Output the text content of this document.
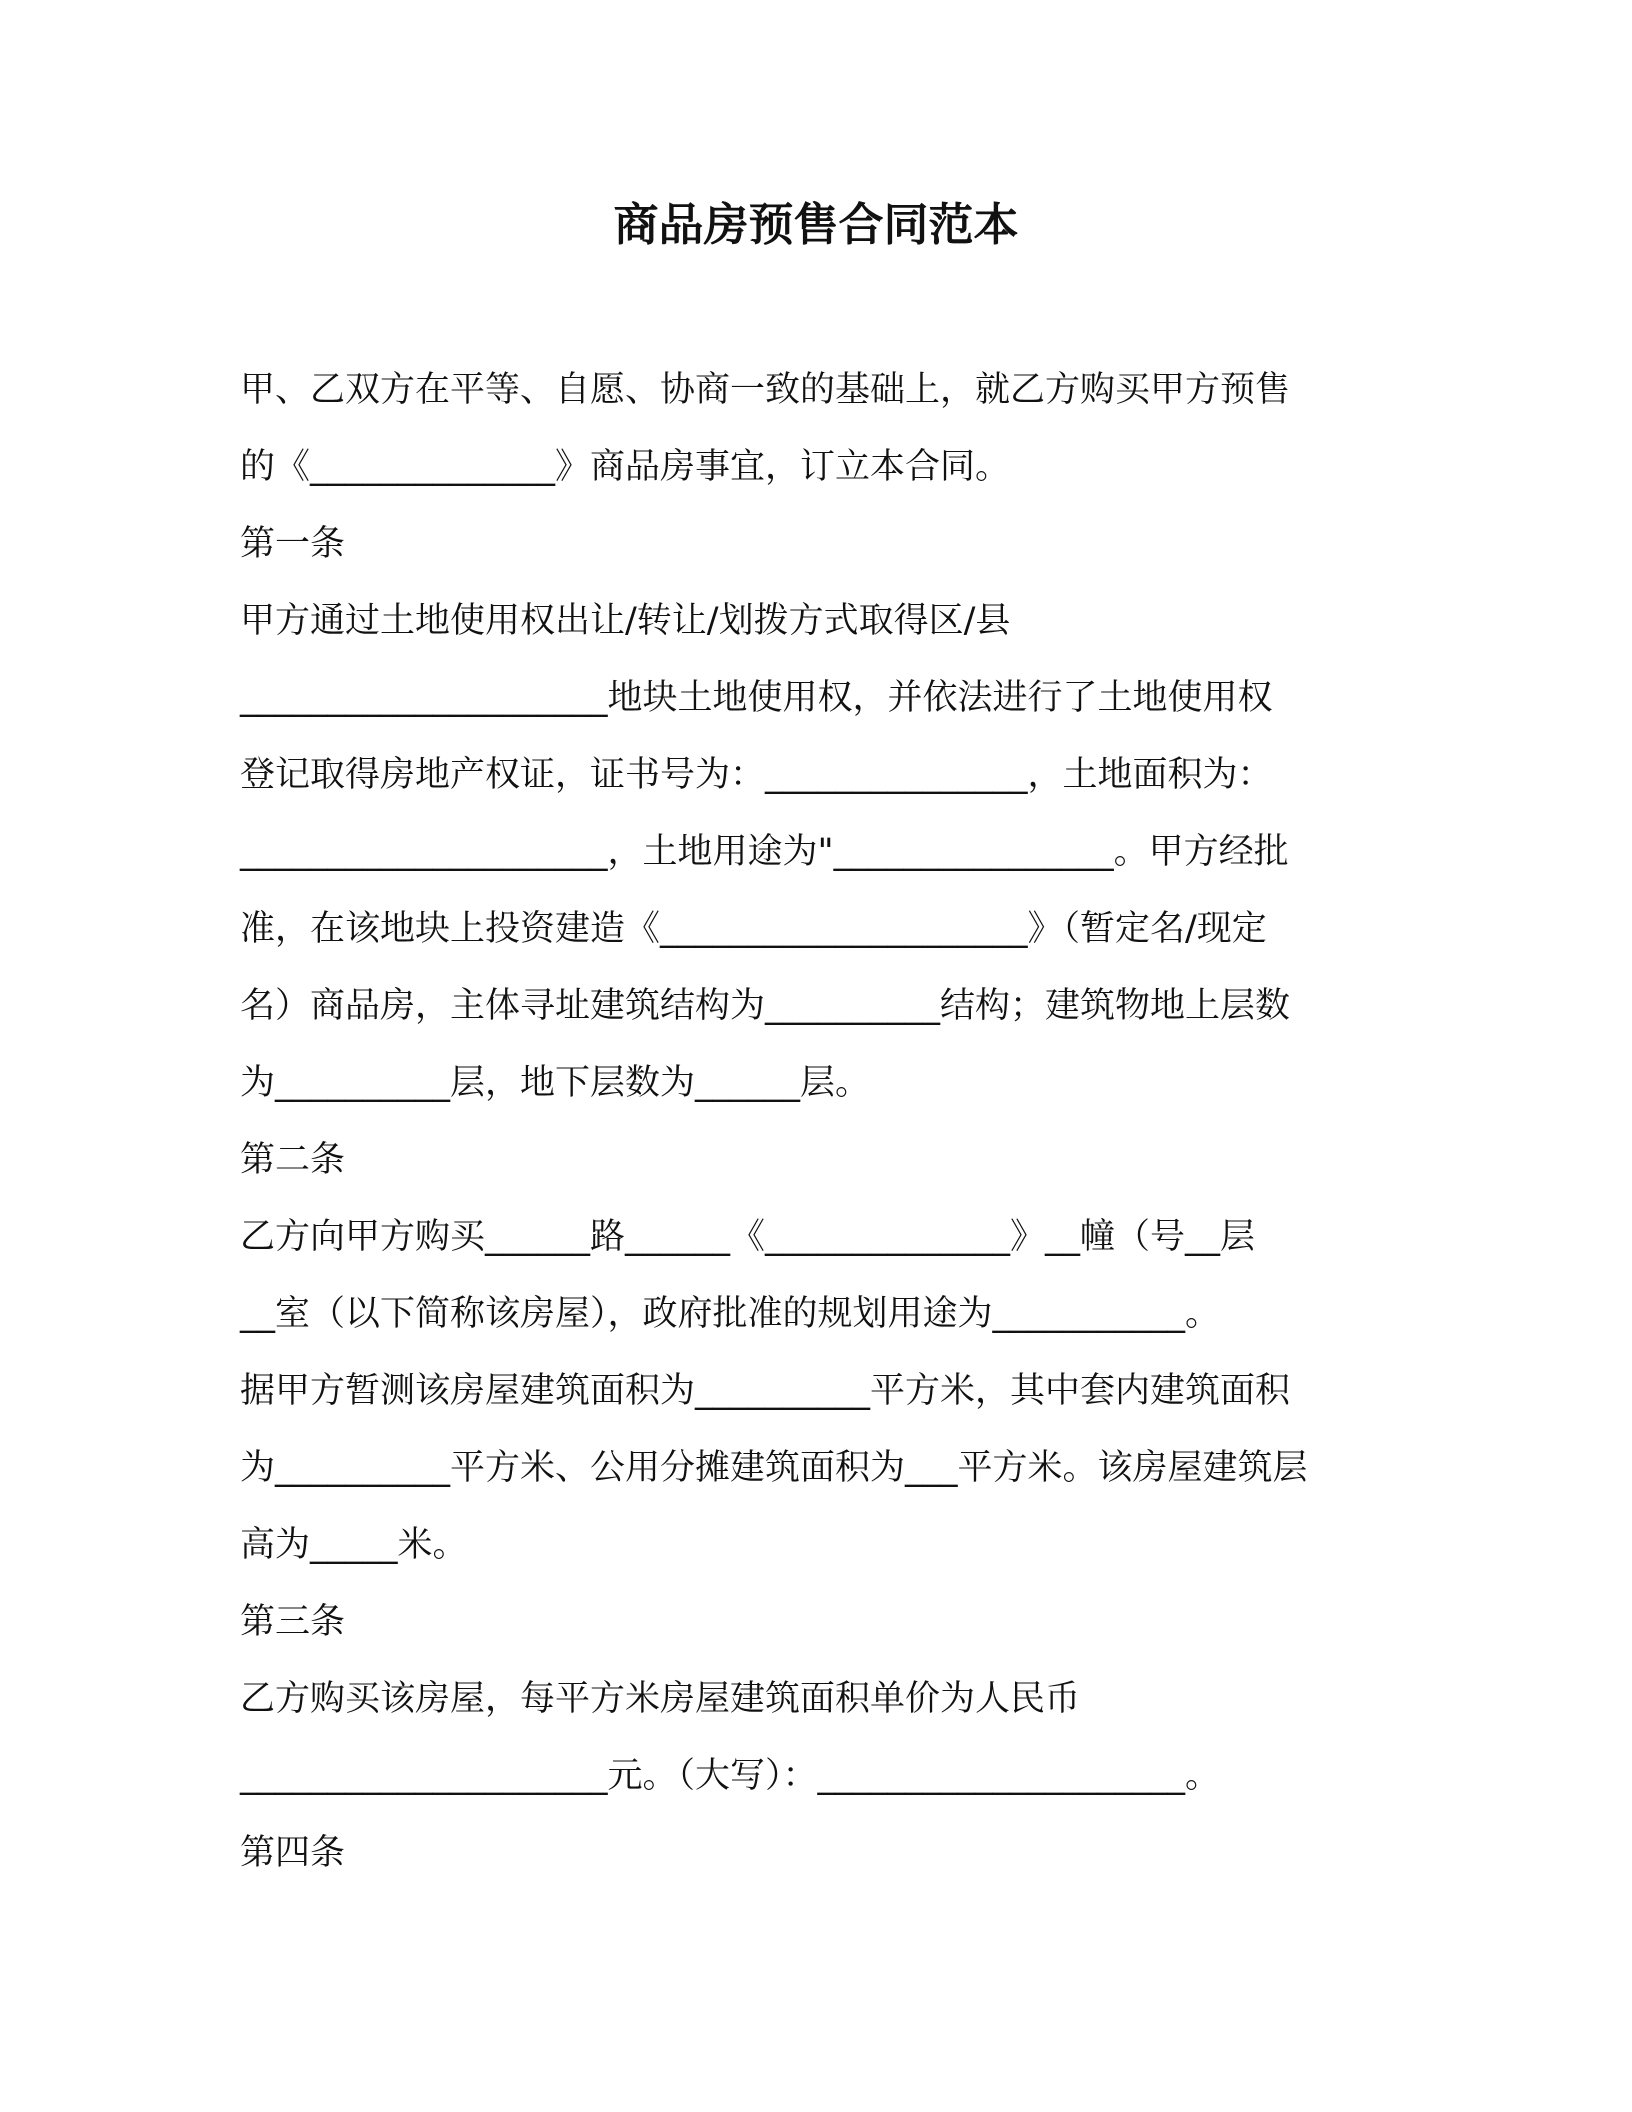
商品房预售合同范本
甲、乙双方在平等、自愿、协商一致的基础上，就乙方购买甲方预售
的《______________》商品房事宜，订立本合同。
第一条
甲方通过土地使用权出让/转让/划拨方式取得区/县
_____________________地块土地使用权，并依法进行了土地使用权
登记取得房地产权证，证书号为：_______________，土地面积为：
_____________________，土地用途为"________________。甲方经批
准，在该地块上投资建造《_____________________》（暂定名/现定
名）商品房，主体寻址建筑结构为__________结构；建筑物地上层数
为__________层，地下层数为______层。
第二条
乙方向甲方购买______路______《______________》__幢（号__层
__室（以下简称该房屋），政府批准的规划用途为___________。
据甲方暂测该房屋建筑面积为__________平方米，其中套内建筑面积
为__________平方米、公用分摊建筑面积为___平方米。该房屋建筑层
高为_____米。
第三条
乙方购买该房屋，每平方米房屋建筑面积单价为人民币
_____________________元。（大写）：_____________________。
第四条
